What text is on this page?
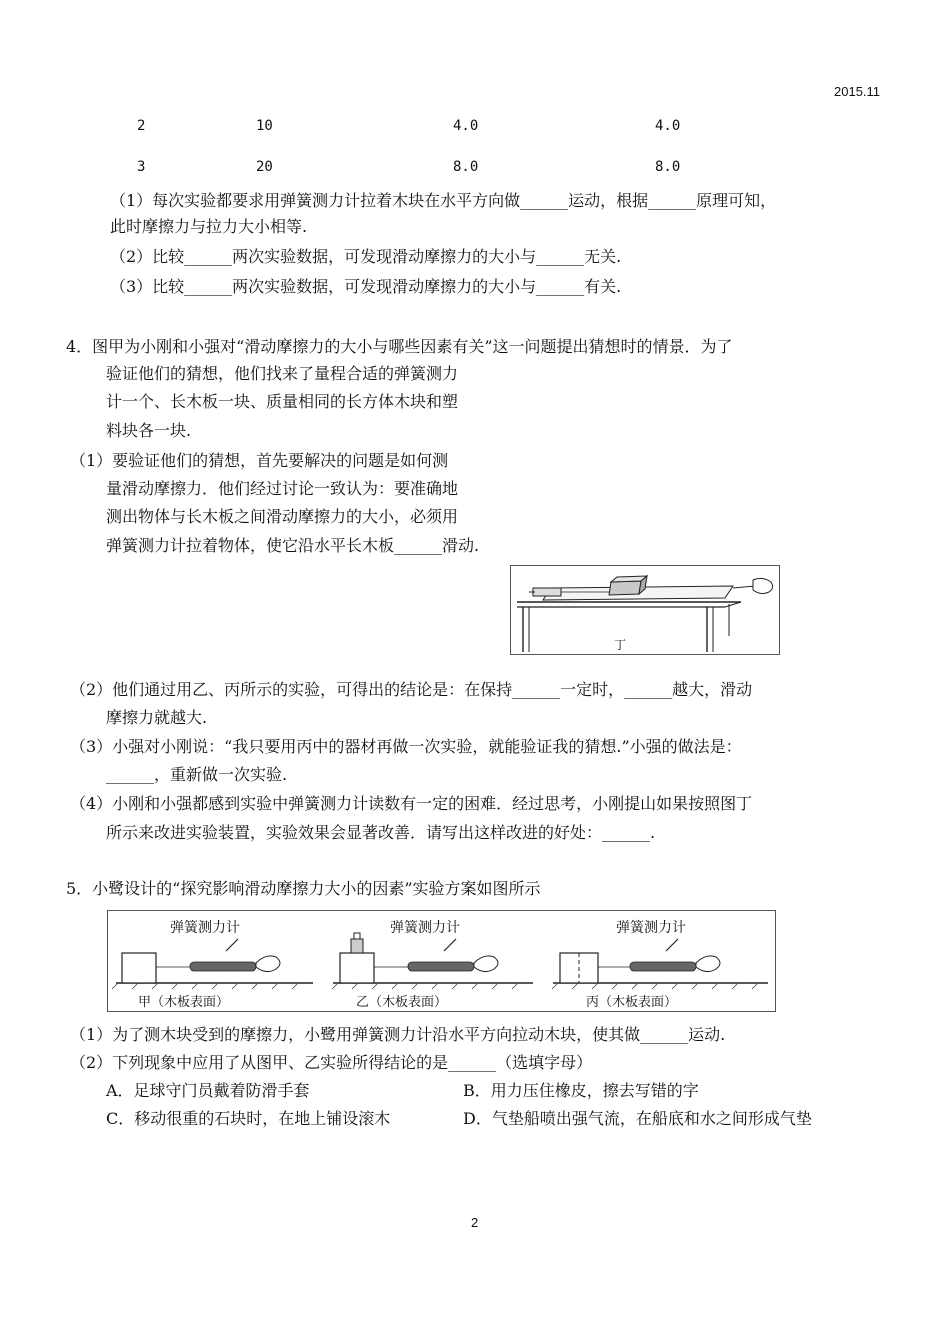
2015.11
2	10	4.0	4.0
3	20	8.0	8.0
（1）每次实验都要求用弹簧测力计拉着木块在水平方向做______运动，根据______原理可知，
此时摩擦力与拉力大小相等.
（2）比较______两次实验数据，可发现滑动摩擦力的大小与______无关.
（3）比较______两次实验数据，可发现滑动摩擦力的大小与______有关.
4．图甲为小刚和小强对“滑动摩擦力的大小与哪些因素有关”这一问题提出猜想时的情景．为了
验证他们的猜想，他们找来了量程合适的弹簧测力
计一个、长木板一块、质量相同的长方体木块和塑
料块各一块.
（1）要验证他们的猜想，首先要解决的问题是如何测
量滑动摩擦力．他们经过讨论一致认为：要准确地
测出物体与长木板之间滑动摩擦力的大小，必须用
弹簧测力计拉着物体，使它沿水平长木板______滑动.
丁
（2）他们通过用乙、丙所示的实验，可得出的结论是：在保持______一定时，______越大，滑动
摩擦力就越大.
（3）小强对小刚说：“我只要用丙中的器材再做一次实验，就能验证我的猜想.”小强的做法是：
______，重新做一次实验.
（4）小刚和小强都感到实验中弹簧测力计读数有一定的困难．经过思考，小刚提山如果按照图丁
所示来改进实验装置，实验效果会显著改善．请写出这样改进的好处：______.
5．小鹭设计的“探究影响滑动摩擦力大小的因素”实验方案如图所示
弹簧测力计	弹簧测力计	弹簧测力计
甲（木板表面）	乙（木板表面）	丙（木板表面）
（1）为了测木块受到的摩擦力，小鹭用弹簧测力计沿水平方向拉动木块，使其做______运动.
（2）下列现象中应用了从图甲、乙实验所得结论的是______（选填字母）
A．足球守门员戴着防滑手套	B．用力压住橡皮，擦去写错的字
C．移动很重的石块时，在地上铺设滚木	D．气垫船喷出强气流，在船底和水之间形成气垫
2
